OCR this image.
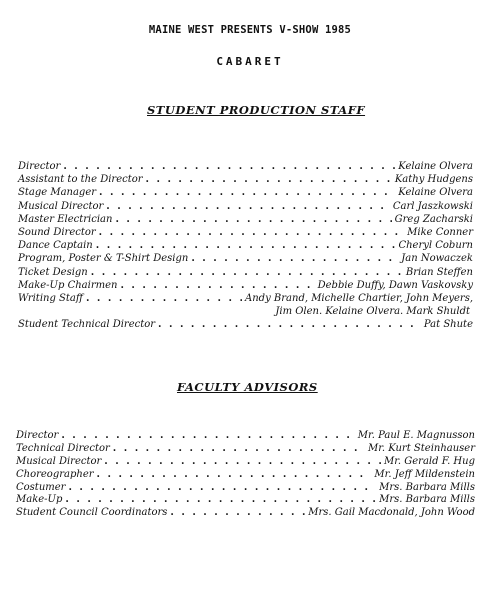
MAINE WEST PRESENTS V-SHOW 1985
CABARET
STUDENT PRODUCTION STAFF
Director . . .	Kelaine Olvera
Assistant to the Director . . .	Kathy Hudgens
Stage Manager . . .	Kelaine Olvera
Musical Director . . .	Carl Jaszkowski
Master Electrician . . .	Greg Zacharski
Sound Director . . .	Mike Conner
Dance Captain . . .	Cheryl Coburn
Program, Poster & T-Shirt Design . . .	Jan Nowaczek
Ticket Design . . .	Brian Steffen
Make-Up Chairmen . . .	Debbie Duffy, Dawn Vaskovsky
Writing Staff . . .	Andy Brand, Michelle Chartier, John Meyers,
Jim Olen. Kelaine Olvera. Mark Shuldt
Student Technical Director . . .	Pat Shute
FACULTY ADVISORS
Director . . .	Mr. Paul E. Magnusson
Technical Director . . .	Mr. Kurt Steinhauser
Musical Director . . .	Mr. Gerald F. Hug
Choreographer . . .	Mr. Jeff Mildenstein
Costumer . . .	Mrs. Barbara Mills
Make-Up . . .	Mrs. Barbara Mills
Student Council Coordinators . . .	Mrs. Gail Macdonald, John Wood
